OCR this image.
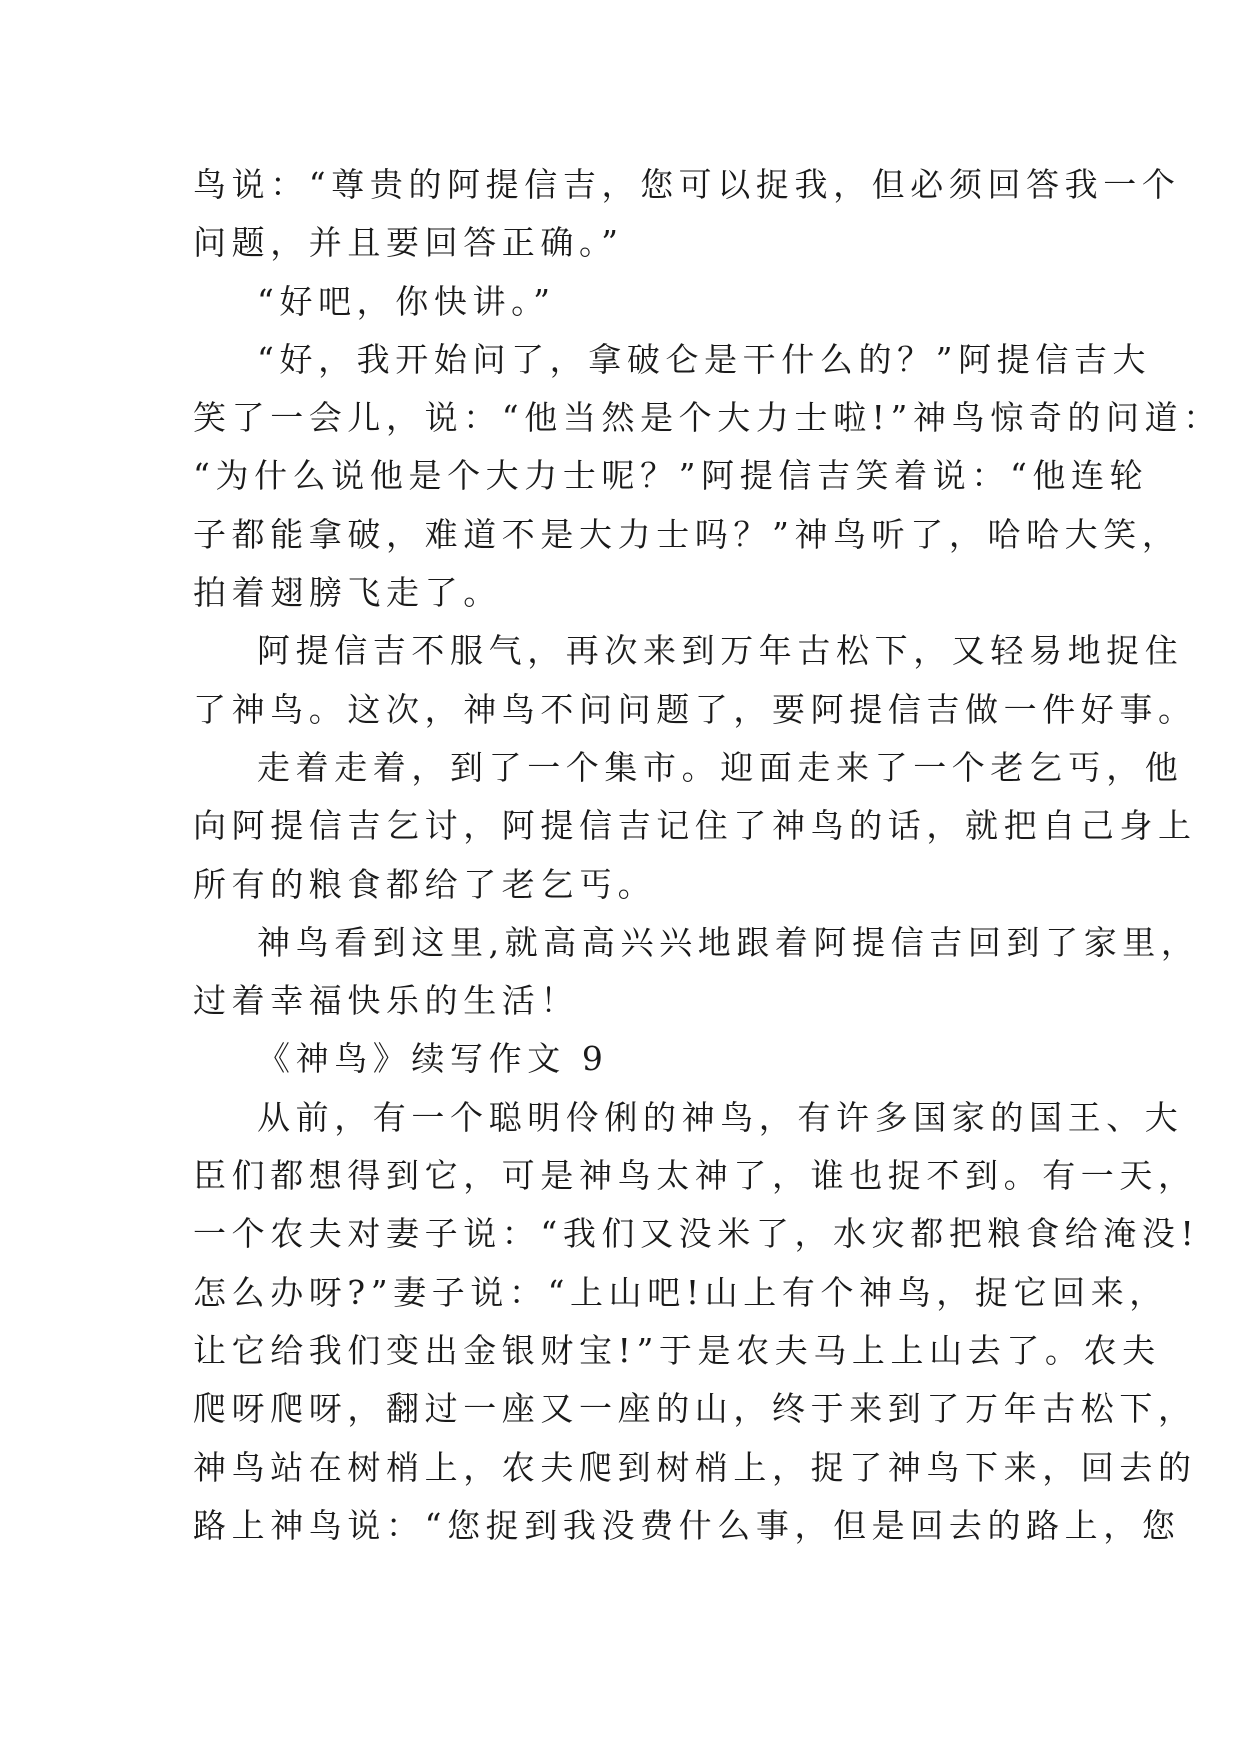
鸟说：“尊贵的阿提信吉，您可以捉我，但必须回答我一个
问题，并且要回答正确。”
“好吧，你快讲。”
“好，我开始问了，拿破仑是干什么的？”阿提信吉大
笑了一会儿，说：“他当然是个大力士啦!”神鸟惊奇的问道：
“为什么说他是个大力士呢？”阿提信吉笑着说：“他连轮
子都能拿破，难道不是大力士吗？”神鸟听了，哈哈大笑，
拍着翅膀飞走了。
阿提信吉不服气，再次来到万年古松下，又轻易地捉住
了神鸟。这次，神鸟不问问题了，要阿提信吉做一件好事。
走着走着，到了一个集市。迎面走来了一个老乞丐，他
向阿提信吉乞讨，阿提信吉记住了神鸟的话，就把自己身上
所有的粮食都给了老乞丐。
神鸟看到这里,就高高兴兴地跟着阿提信吉回到了家里，
过着幸福快乐的生活！
《神鸟》续写作文 9
从前，有一个聪明伶俐的神鸟，有许多国家的国王、大
臣们都想得到它，可是神鸟太神了，谁也捉不到。有一天，
一个农夫对妻子说：“我们又没米了，水灾都把粮食给淹没!
怎么办呀?”妻子说：“上山吧!山上有个神鸟，捉它回来，
让它给我们变出金银财宝!”于是农夫马上上山去了。农夫
爬呀爬呀，翻过一座又一座的山，终于来到了万年古松下，
神鸟站在树梢上，农夫爬到树梢上，捉了神鸟下来，回去的
路上神鸟说：“您捉到我没费什么事，但是回去的路上，您
